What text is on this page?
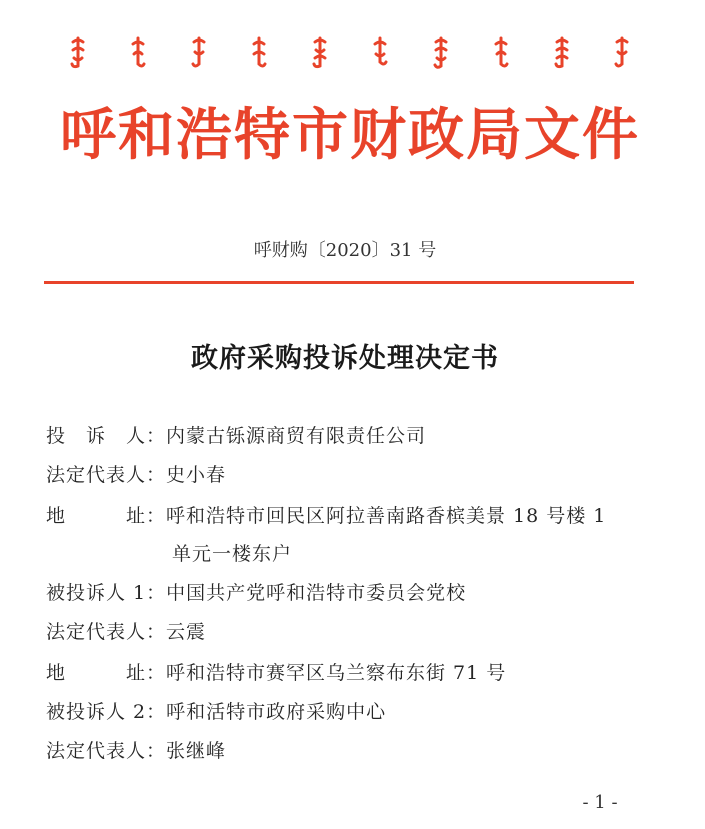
呼和浩特市财政局文件
呼财购〔2020〕31 号
政府采购投诉处理决定书
投　诉　人：内蒙古铄源商贸有限责任公司
法定代表人：史小春
地　　　址：呼和浩特市回民区阿拉善南路香槟美景 18 号楼 1
单元一楼东户
被投诉人 1：中国共产党呼和浩特市委员会党校
法定代表人：云震
地　　　址：呼和浩特市赛罕区乌兰察布东街 71 号
被投诉人 2：呼和活特市政府采购中心
法定代表人：张继峰
- 1 -
